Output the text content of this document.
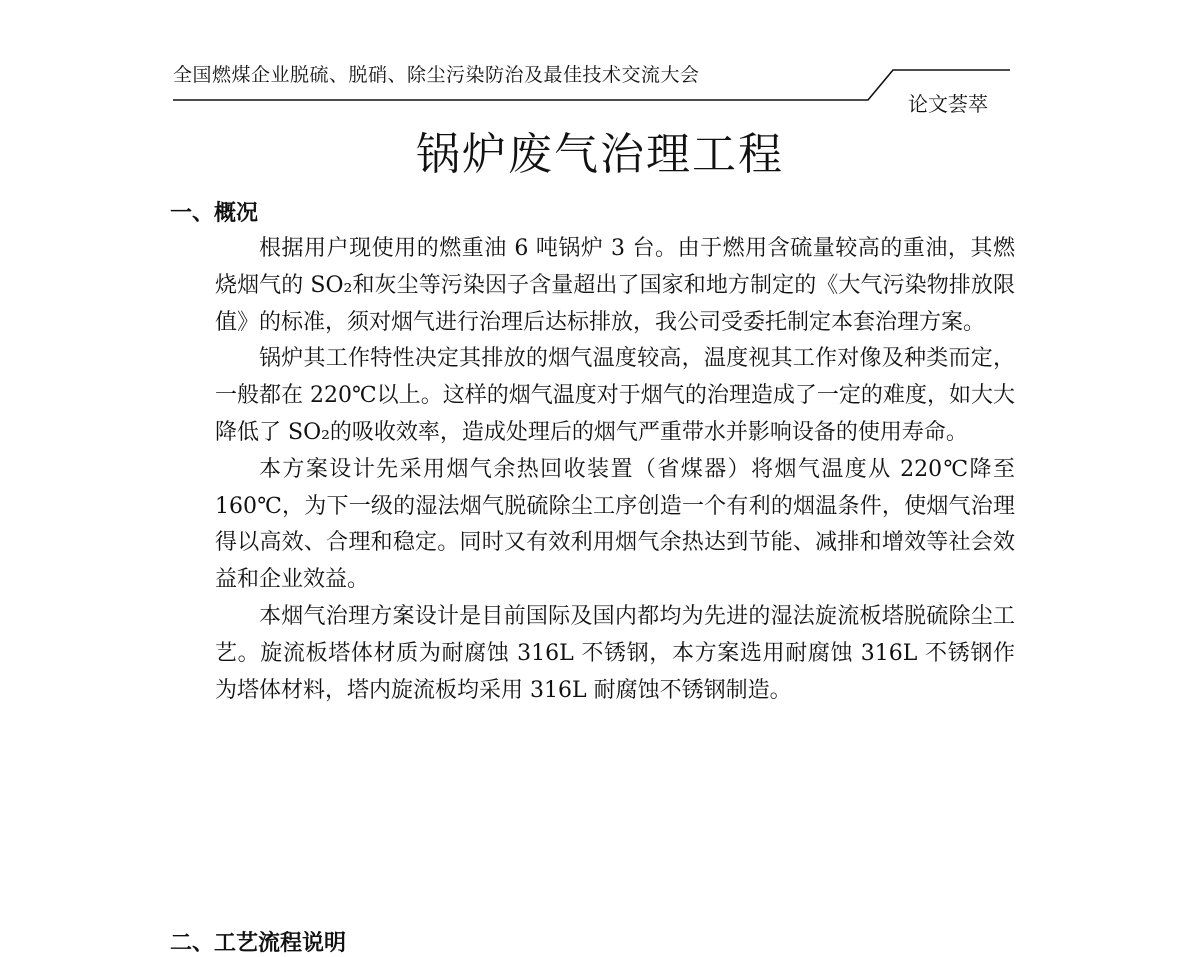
全国燃煤企业脱硫、脱硝、除尘污染防治及最佳技术交流大会
论文荟萃
锅炉废气治理工程
一、概况

根据用户现使用的燃重油 6 吨锅炉 3 台。由于燃用含硫量较高的重油，其燃烧烟气的 SO₂和灰尘等污染因子含量超出了国家和地方制定的《大气污染物排放限值》的标准，须对烟气进行治理后达标排放，我公司受委托制定本套治理方案。

锅炉其工作特性决定其排放的烟气温度较高，温度视其工作对像及种类而定，一般都在 220℃以上。这样的烟气温度对于烟气的治理造成了一定的难度，如大大降低了 SO₂的吸收效率，造成处理后的烟气严重带水并影响设备的使用寿命。

本方案设计先采用烟气余热回收装置（省煤器）将烟气温度从 220℃降至 160℃，为下一级的湿法烟气脱硫除尘工序创造一个有利的烟温条件，使烟气治理得以高效、合理和稳定。同时又有效利用烟气余热达到节能、减排和增效等社会效益和企业效益。

本烟气治理方案设计是目前国际及国内都均为先进的湿法旋流板塔脱硫除尘工艺。旋流板塔体材质为耐腐蚀 316L 不锈钢，本方案选用耐腐蚀 316L 不锈钢作为塔体材料，塔内旋流板均采用 316L 耐腐蚀不锈钢制造。

二、工艺流程说明
